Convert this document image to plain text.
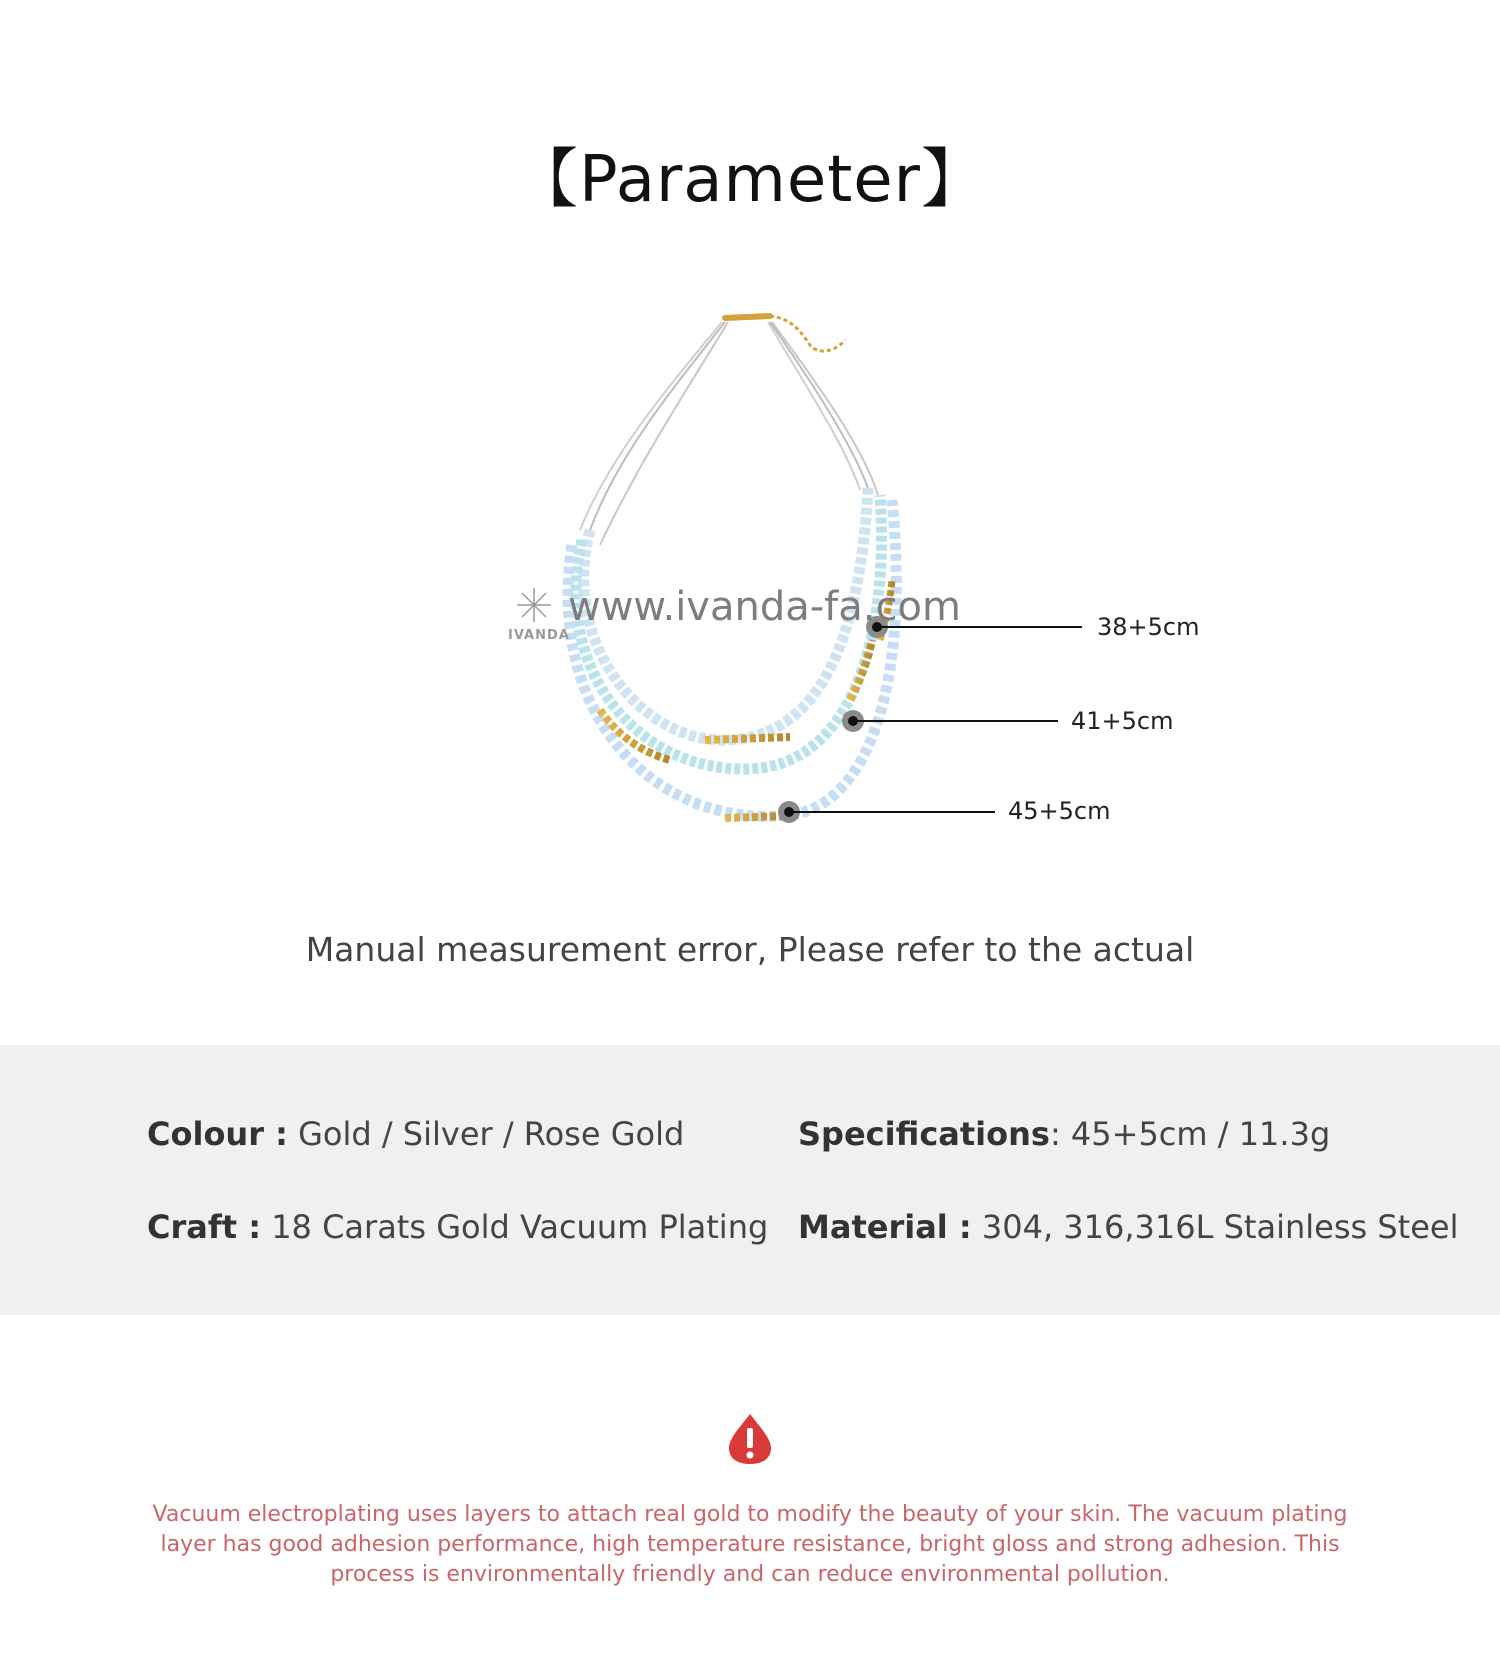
【Parameter】
IVANDA
www.ivanda-fa.com	38+5cm
41+5cm
45+5cm
Manual measurement error, Please refer to the actual
Colour : Gold / Silver / Rose Gold	Specifications: 45+5cm / 11.3g
Craft : 18 Carats Gold Vacuum Plating Material : 304, 316,316L Stainless Steel
Vacuum electroplating uses layers to attach real gold to modify the beauty of your skin. The vacuum plating layer has good adhesion performance, high temperature resistance, bright gloss and strong adhesion. This process is environmentally friendly and can reduce environmental pollution.
